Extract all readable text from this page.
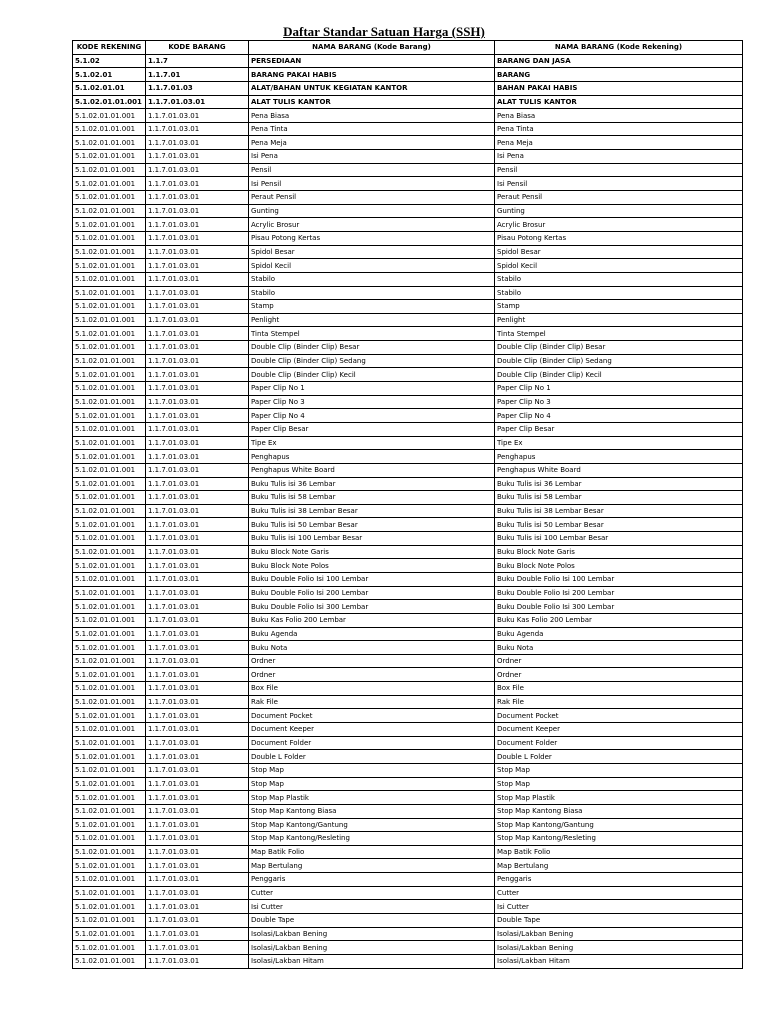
Daftar Standar Satuan Harga (SSH)
KODE REKENING	KODE BARANG	NAMA BARANG (Kode Barang)	NAMA BARANG (Kode Rekening)
5.1.02	1.1.7	PERSEDIAAN	BARANG DAN JASA
5.1.02.01	1.1.7.01	BARANG PAKAI HABIS	BARANG
5.1.02.01.01	1.1.7.01.03	ALAT/BAHAN UNTUK KEGIATAN KANTOR	BAHAN PAKAI HABIS
5.1.02.01.01.001	1.1.7.01.03.01	ALAT TULIS KANTOR	ALAT TULIS KANTOR
5.1.02.01.01.001	1.1.7.01.03.01	Pena Biasa	Pena Biasa
5.1.02.01.01.001	1.1.7.01.03.01	Pena Tinta	Pena Tinta
5.1.02.01.01.001	1.1.7.01.03.01	Pena Meja	Pena Meja
5.1.02.01.01.001	1.1.7.01.03.01	Isi Pena	Isi Pena
5.1.02.01.01.001	1.1.7.01.03.01	Pensil	Pensil
5.1.02.01.01.001	1.1.7.01.03.01	Isi Pensil	Isi Pensil
5.1.02.01.01.001	1.1.7.01.03.01	Peraut Pensil	Peraut Pensil
5.1.02.01.01.001	1.1.7.01.03.01	Gunting	Gunting
5.1.02.01.01.001	1.1.7.01.03.01	Acrylic Brosur	Acrylic Brosur
5.1.02.01.01.001	1.1.7.01.03.01	Pisau Potong Kertas	Pisau Potong Kertas
5.1.02.01.01.001	1.1.7.01.03.01	Spidol Besar	Spidol Besar
5.1.02.01.01.001	1.1.7.01.03.01	Spidol Kecil	Spidol Kecil
5.1.02.01.01.001	1.1.7.01.03.01	Stabilo	Stabilo
5.1.02.01.01.001	1.1.7.01.03.01	Stabilo	Stabilo
5.1.02.01.01.001	1.1.7.01.03.01	Stamp	Stamp
5.1.02.01.01.001	1.1.7.01.03.01	Penlight	Penlight
5.1.02.01.01.001	1.1.7.01.03.01	Tinta Stempel	Tinta Stempel
5.1.02.01.01.001	1.1.7.01.03.01	Double Clip (Binder Clip) Besar	Double Clip (Binder Clip) Besar
5.1.02.01.01.001	1.1.7.01.03.01	Double Clip (Binder Clip) Sedang	Double Clip (Binder Clip) Sedang
5.1.02.01.01.001	1.1.7.01.03.01	Double Clip (Binder Clip) Kecil	Double Clip (Binder Clip) Kecil
5.1.02.01.01.001	1.1.7.01.03.01	Paper Clip No 1	Paper Clip No 1
5.1.02.01.01.001	1.1.7.01.03.01	Paper Clip No 3	Paper Clip No 3
5.1.02.01.01.001	1.1.7.01.03.01	Paper Clip No 4	Paper Clip No 4
5.1.02.01.01.001	1.1.7.01.03.01	Paper Clip Besar	Paper Clip Besar
5.1.02.01.01.001	1.1.7.01.03.01	Tipe Ex	Tipe Ex
5.1.02.01.01.001	1.1.7.01.03.01	Penghapus	Penghapus
5.1.02.01.01.001	1.1.7.01.03.01	Penghapus White Board	Penghapus White Board
5.1.02.01.01.001	1.1.7.01.03.01	Buku Tulis isi 36 Lembar	Buku Tulis isi 36 Lembar
5.1.02.01.01.001	1.1.7.01.03.01	Buku Tulis isi 58 Lembar	Buku Tulis isi 58 Lembar
5.1.02.01.01.001	1.1.7.01.03.01	Buku Tulis isi 38 Lembar Besar	Buku Tulis isi 38 Lembar Besar
5.1.02.01.01.001	1.1.7.01.03.01	Buku Tulis isi 50 Lembar Besar	Buku Tulis isi 50 Lembar Besar
5.1.02.01.01.001	1.1.7.01.03.01	Buku Tulis isi 100 Lembar Besar	Buku Tulis isi 100 Lembar Besar
5.1.02.01.01.001	1.1.7.01.03.01	Buku Block Note Garis	Buku Block Note Garis
5.1.02.01.01.001	1.1.7.01.03.01	Buku Block Note Polos	Buku Block Note Polos
5.1.02.01.01.001	1.1.7.01.03.01	Buku Double Folio Isi 100 Lembar	Buku Double Folio Isi 100 Lembar
5.1.02.01.01.001	1.1.7.01.03.01	Buku Double Folio Isi 200 Lembar	Buku Double Folio Isi 200 Lembar
5.1.02.01.01.001	1.1.7.01.03.01	Buku Double Folio Isi 300 Lembar	Buku Double Folio Isi 300 Lembar
5.1.02.01.01.001	1.1.7.01.03.01	Buku Kas Folio 200 Lembar	Buku Kas Folio 200 Lembar
5.1.02.01.01.001	1.1.7.01.03.01	Buku Agenda	Buku Agenda
5.1.02.01.01.001	1.1.7.01.03.01	Buku Nota	Buku Nota
5.1.02.01.01.001	1.1.7.01.03.01	Ordner	Ordner
5.1.02.01.01.001	1.1.7.01.03.01	Ordner	Ordner
5.1.02.01.01.001	1.1.7.01.03.01	Box File	Box File
5.1.02.01.01.001	1.1.7.01.03.01	Rak File	Rak File
5.1.02.01.01.001	1.1.7.01.03.01	Document Pocket	Document Pocket
5.1.02.01.01.001	1.1.7.01.03.01	Document Keeper	Document Keeper
5.1.02.01.01.001	1.1.7.01.03.01	Document Folder	Document Folder
5.1.02.01.01.001	1.1.7.01.03.01	Double L Folder	Double L Folder
5.1.02.01.01.001	1.1.7.01.03.01	Stop Map	Stop Map
5.1.02.01.01.001	1.1.7.01.03.01	Stop Map	Stop Map
5.1.02.01.01.001	1.1.7.01.03.01	Stop Map Plastik	Stop Map Plastik
5.1.02.01.01.001	1.1.7.01.03.01	Stop Map Kantong Biasa	Stop Map Kantong Biasa
5.1.02.01.01.001	1.1.7.01.03.01	Stop Map Kantong/Gantung	Stop Map Kantong/Gantung
5.1.02.01.01.001	1.1.7.01.03.01	Stop Map Kantong/Resleting	Stop Map Kantong/Resleting
5.1.02.01.01.001	1.1.7.01.03.01	Map Batik Folio	Map Batik Folio
5.1.02.01.01.001	1.1.7.01.03.01	Map Bertulang	Map Bertulang
5.1.02.01.01.001	1.1.7.01.03.01	Penggaris	Penggaris
5.1.02.01.01.001	1.1.7.01.03.01	Cutter	Cutter
5.1.02.01.01.001	1.1.7.01.03.01	Isi Cutter	Isi Cutter
5.1.02.01.01.001	1.1.7.01.03.01	Double Tape	Double Tape
5.1.02.01.01.001	1.1.7.01.03.01	Isolasi/Lakban Bening	Isolasi/Lakban Bening
5.1.02.01.01.001	1.1.7.01.03.01	Isolasi/Lakban Bening	Isolasi/Lakban Bening
5.1.02.01.01.001	1.1.7.01.03.01	Isolasi/Lakban Hitam	Isolasi/Lakban Hitam
